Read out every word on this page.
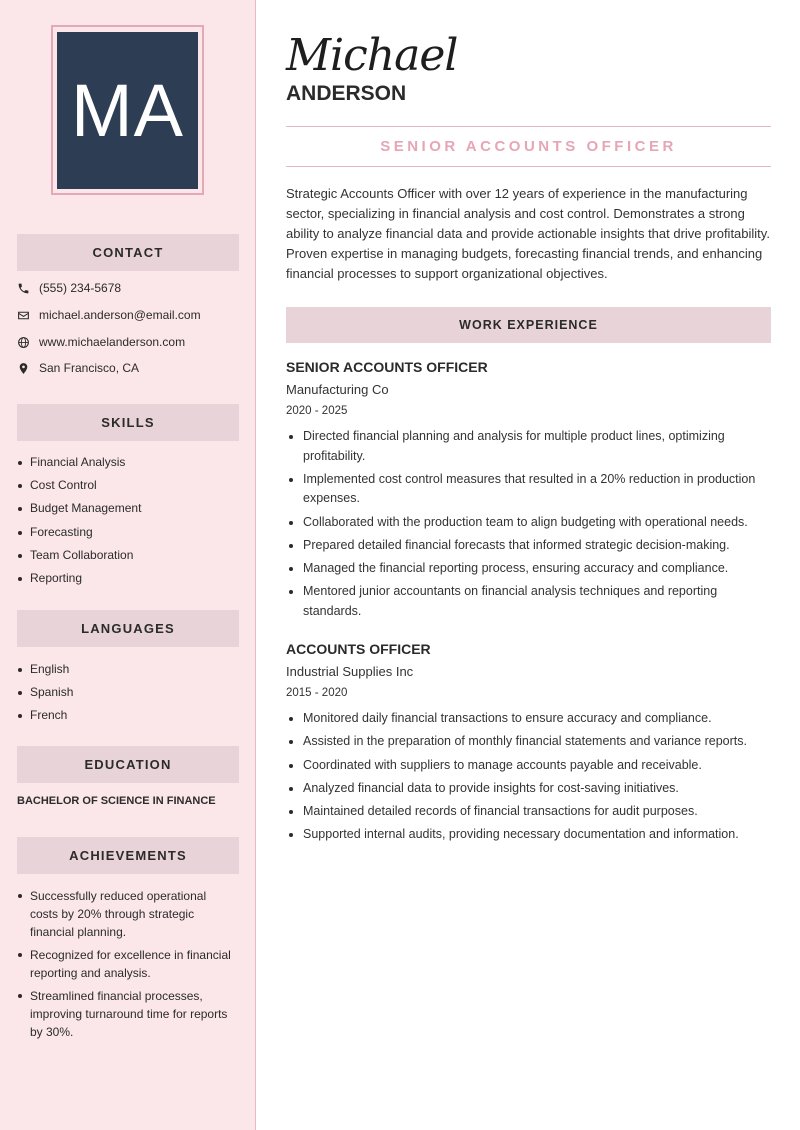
MA
CONTACT
(555) 234-5678
michael.anderson@email.com
www.michaelanderson.com
San Francisco, CA
SKILLS
Financial Analysis
Cost Control
Budget Management
Forecasting
Team Collaboration
Reporting
LANGUAGES
English
Spanish
French
EDUCATION
BACHELOR OF SCIENCE IN FINANCE
ACHIEVEMENTS
Successfully reduced operational costs by 20% through strategic financial planning.
Recognized for excellence in financial reporting and analysis.
Streamlined financial processes, improving turnaround time for reports by 30%.
Michael
ANDERSON
SENIOR ACCOUNTS OFFICER

Strategic Accounts Officer with over 12 years of experience in the manufacturing sector, specializing in financial analysis and cost control. Demonstrates a strong ability to analyze financial data and provide actionable insights that drive profitability. Proven expertise in managing budgets, forecasting financial trends, and enhancing financial processes to support organizational objectives.

WORK EXPERIENCE
SENIOR ACCOUNTS OFFICER
Manufacturing Co
2020 - 2025
Directed financial planning and analysis for multiple product lines, optimizing profitability.
Implemented cost control measures that resulted in a 20% reduction in production expenses.
Collaborated with the production team to align budgeting with operational needs.
Prepared detailed financial forecasts that informed strategic decision-making.
Managed the financial reporting process, ensuring accuracy and compliance.
Mentored junior accountants on financial analysis techniques and reporting standards.
ACCOUNTS OFFICER
Industrial Supplies Inc
2015 - 2020
Monitored daily financial transactions to ensure accuracy and compliance.
Assisted in the preparation of monthly financial statements and variance reports.
Coordinated with suppliers to manage accounts payable and receivable.
Analyzed financial data to provide insights for cost-saving initiatives.
Maintained detailed records of financial transactions for audit purposes.
Supported internal audits, providing necessary documentation and information.
